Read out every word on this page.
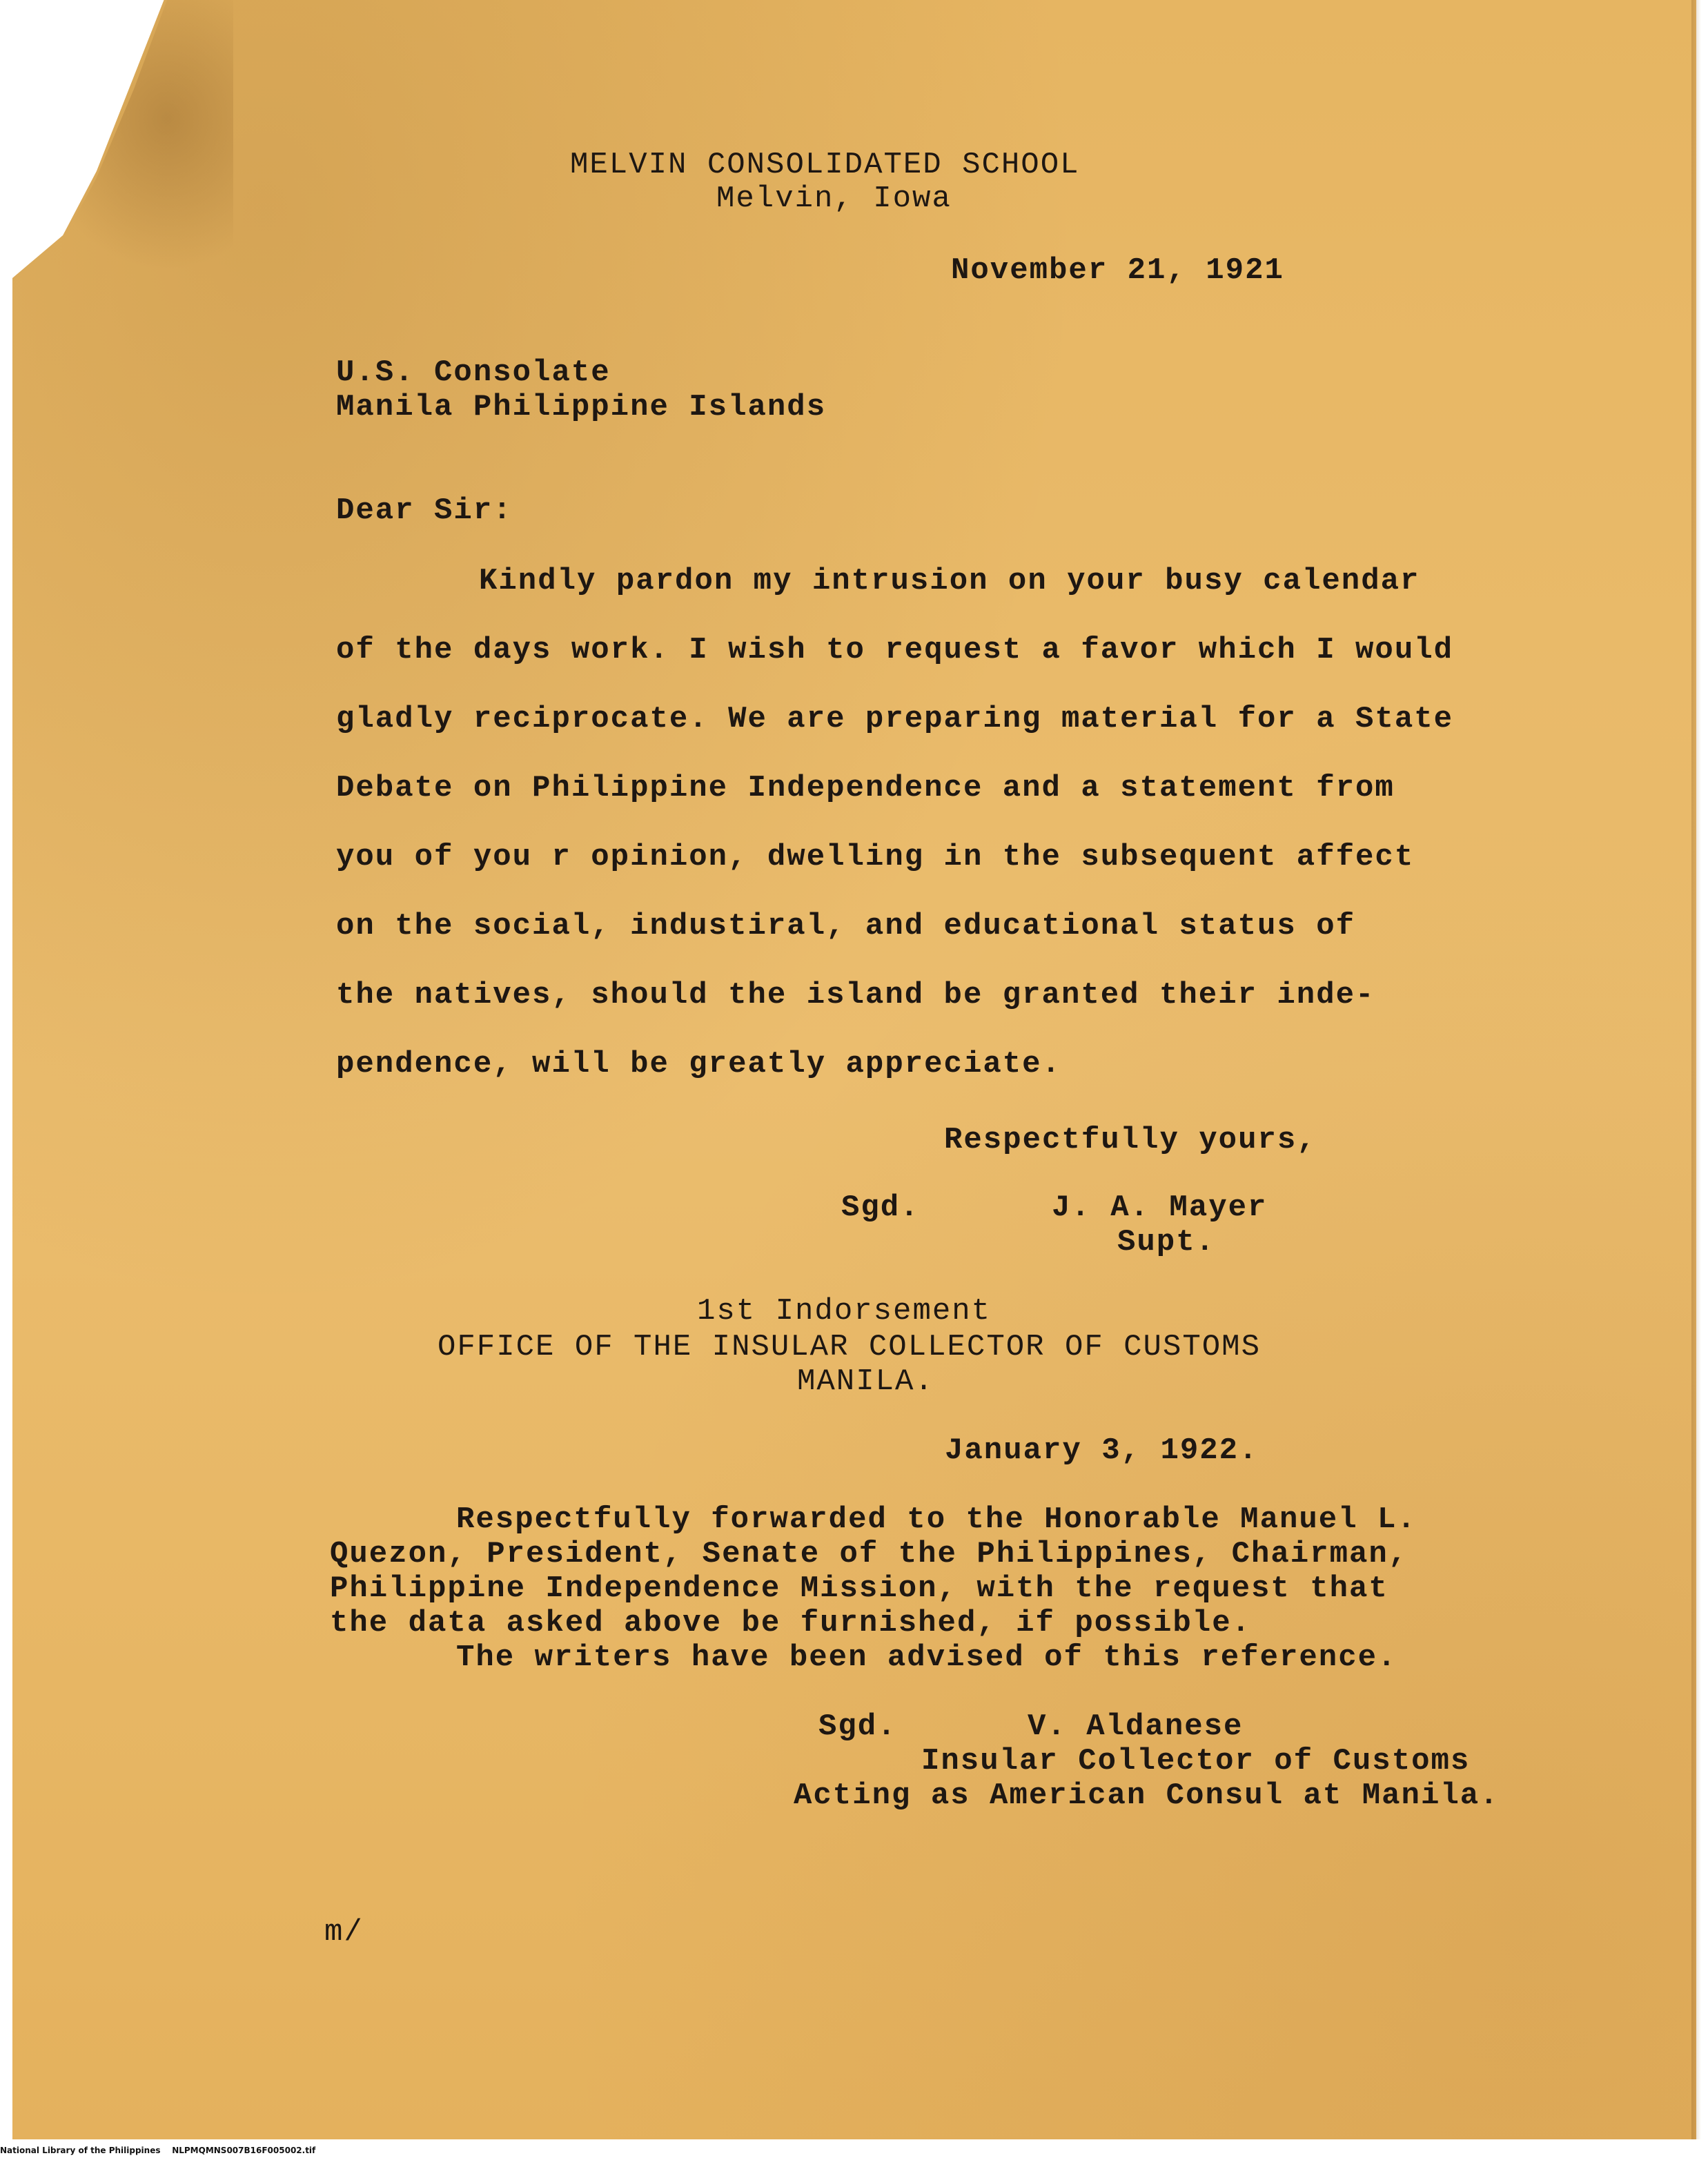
MELVIN CONSOLIDATED SCHOOL
Melvin, Iowa
November 21, 1921
U.S. Consolate
Manila Philippine Islands
Dear Sir:
Kindly pardon my intrusion on your busy calendar
of the days work. I wish to request a favor which I would
gladly reciprocate. We are preparing material for a State
Debate on Philippine Independence and a statement from
you of you r opinion, dwelling in the subsequent affect
on the social, industiral, and educational status of
the natives, should the island be granted their inde-
pendence, will be greatly appreciate.
Respectfully yours,
Sgd.	J. A. Mayer
Supt.
1st Indorsement
OFFICE OF THE INSULAR COLLECTOR OF CUSTOMS
MANILA.
January 3, 1922.
Respectfully forwarded to the Honorable Manuel L.
Quezon, President, Senate of the Philippines, Chairman,
Philippine Independence Mission, with the request that
the data asked above be furnished, if possible.
The writers have been advised of this reference.
Sgd.	V. Aldanese
Insular Collector of Customs
Acting as American Consul at Manila.
m/
National Library of the Philippines    NLPMQMNS007B16F005002.tif
